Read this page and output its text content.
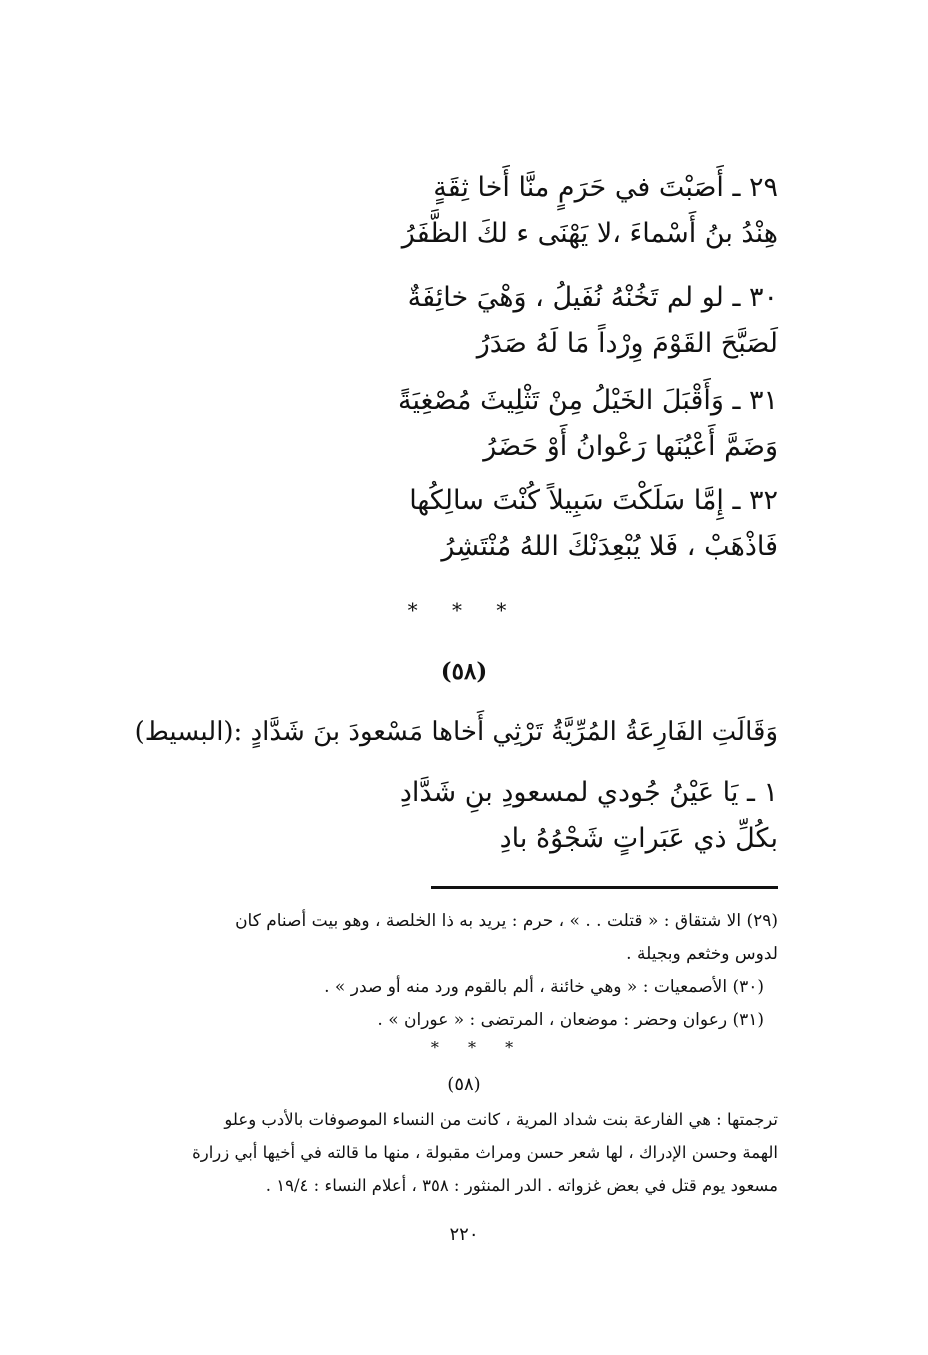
٢٩ ـ أَصَبْتَ في حَرَمٍ منَّا أَخا ثِقَةٍ
هِنْدُ بنُ أَسْماءَ ،لا يَهْنَى ء لكَ الظَّفَرُ
٣٠ ـ لو لم تَخُنْهُ نُفَيلُ ، وَهْيَ خائِفَةٌ
لَصَبَّحَ القَوْمَ وِرْداً مَا لَهُ صَدَرُ
٣١ ـ وَأَقْبَلَ الخَيْلُ مِنْ تَثْلِيثَ مُصْغِيَةً
وَضَمَّ أَعْيُنَها رَعْوانُ أَوْ حَضَرُ
٣٢ ـ إِمَّا سَلَكْتَ سَبِيلاً كُنْتَ سالِكُها
فَاذْهَبْ ، فَلا يُبْعِدَنْكَ اللهُ مُنْتَشِرُ
* * *
(٥٨)
وَقَالَتِ الفَارِعَةُ المُرِّيَّةُ تَرْثِي أَخاها مَسْعودَ بنَ شَدَّادٍ :(البسيط)
١ ـ يَا عَيْنُ جُودي لمسعودِ بنِ شَدَّادِ
بكُلِّ ذي عَبَراتٍ شَجْوُهُ بادِ
(٢٩) الا شتقاق : « قتلت . . » ، حرم : يريد به ذا الخلصة ، وهو بيت أصنام كان
لدوس وخثعم وبجيلة .
(٣٠) الأصمعيات : « وهي خائنة ، ألم بالقوم ورد منه أو صدر » .
(٣١) رعوان وحضر : موضعان ، المرتضى : « عوران » .
* * *
(٥٨)
ترجمتها : هي الفارعة بنت شداد المرية ، كانت من النساء الموصوفات بالأدب وعلو
الهمة وحسن الإدراك ، لها شعر حسن ومراث مقبولة ، منها ما قالته في أخيها أبي زرارة
مسعود يوم قتل في بعض غزواته . الدر المنثور : ٣٥٨ ، أعلام النساء : ١٩/٤ .
٢٢٠
